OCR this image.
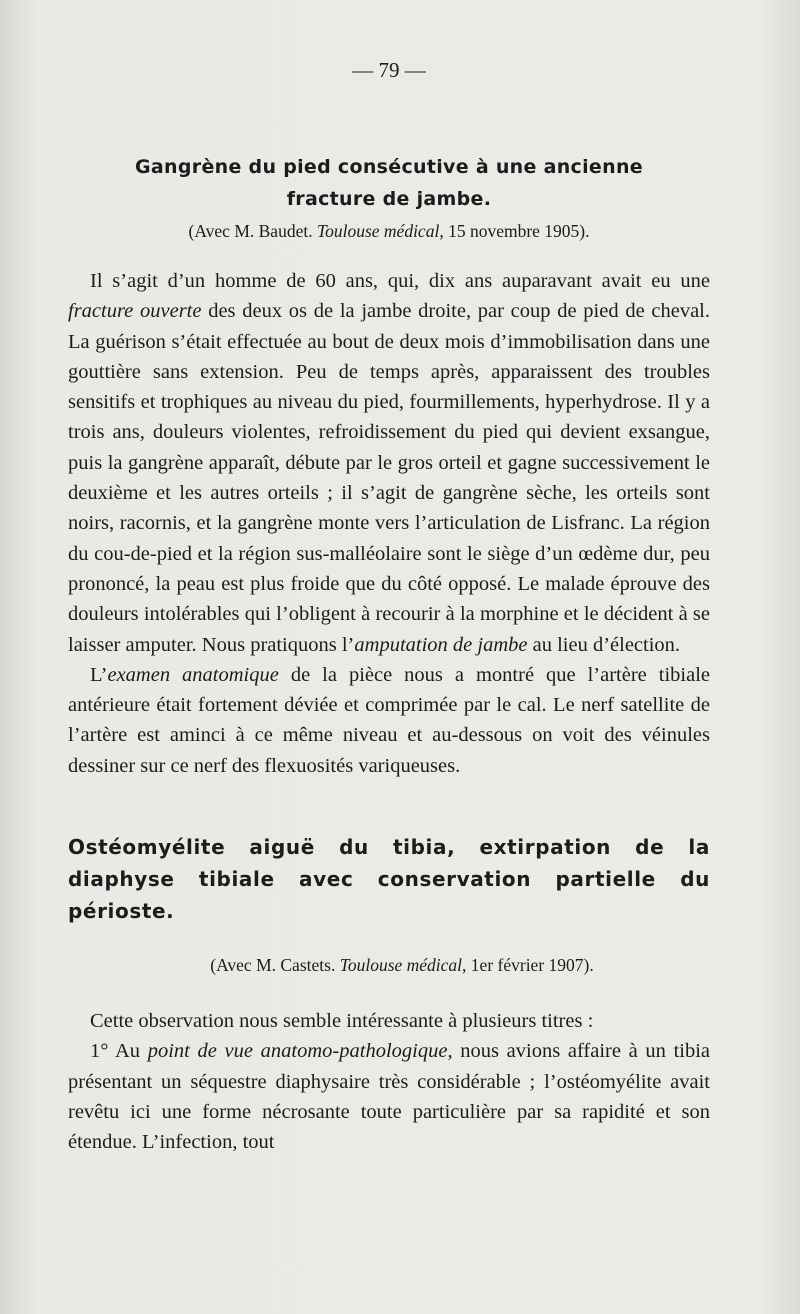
— 79 —
Gangrène du pied consécutive à une ancienne
fracture de jambe.
(Avec M. Baudet. Toulouse médical, 15 novembre 1905).

Il s’agit d’un homme de 60 ans, qui, dix ans auparavant avait eu une fracture ouverte des deux os de la jambe droite, par coup de pied de cheval. La guérison s’était effectuée au bout de deux mois d’immobilisation dans une gouttière sans extension. Peu de temps après, apparaissent des troubles sensitifs et trophiques au niveau du pied, fourmillements, hyperhydrose. Il y a trois ans, douleurs violentes, refroidissement du pied qui devient exsangue, puis la gangrène apparaît, débute par le gros orteil et gagne successivement le deuxième et les autres orteils ; il s’agit de gangrène sèche, les orteils sont noirs, racornis, et la gangrène monte vers l’articulation de Lisfranc. La région du cou-de-pied et la région sus-malléolaire sont le siège d’un œdème dur, peu prononcé, la peau est plus froide que du côté opposé. Le malade éprouve des douleurs intolérables qui l’obligent à recourir à la morphine et le décident à se laisser amputer. Nous pratiquons l’amputation de jambe au lieu d’élection.

L’examen anatomique de la pièce nous a montré que l’artère tibiale antérieure était fortement déviée et comprimée par le cal. Le nerf satellite de l’artère est aminci à ce même niveau et au-dessous on voit des véinules dessiner sur ce nerf des flexuosités variqueuses.

Ostéomyélite aiguë du tibia, extirpation de la diaphyse tibiale avec conservation partielle du périoste.
(Avec M. Castets. Toulouse médical, 1er février 1907).

Cette observation nous semble intéressante à plusieurs titres :

1° Au point de vue anatomo-pathologique, nous avions affaire à un tibia présentant un séquestre diaphysaire très considérable ; l’ostéomyélite avait revêtu ici une forme nécrosante toute particulière par sa rapidité et son étendue. L’infection, tout
